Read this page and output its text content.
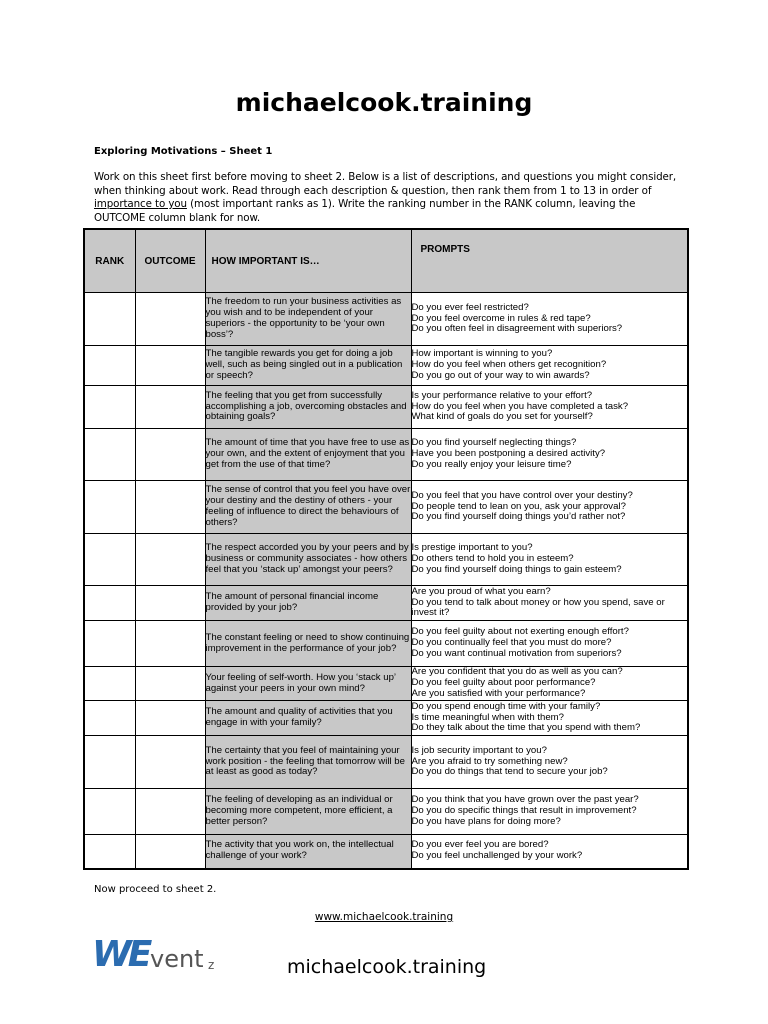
michaelcook.training
Exploring Motivations – Sheet 1
Work on this sheet first before moving to sheet 2. Below is a list of descriptions, and questions you might consider, when thinking about work. Read through each description & question, then rank them from 1 to 13 in order of importance to you (most important ranks as 1). Write the ranking number in the RANK column, leaving the OUTCOME column blank for now.
RANK	OUTCOME	HOW IMPORTANT IS…	PROMPTS
		The freedom to run your business activities as you wish and to be independent of your superiors - the opportunity to be ‘your own boss’?	Do you ever feel restricted?
Do you feel overcome in rules & red tape?
Do you often feel in disagreement with superiors?

		The tangible rewards you get for doing a job well, such as being singled out in a publication or speech?	How important is winning to you?
How do you feel when others get recognition?
Do you go out of your way to win awards?

		The feeling that you get from successfully accomplishing a job, overcoming obstacles and obtaining goals?	Is your performance relative to your effort?
How do you feel when you have completed a task?
What kind of goals do you set for yourself?

		The amount of time that you have free to use as your own, and the extent of enjoyment that you get from the use of that time?	Do you find yourself neglecting things?
Have you been postponing a desired activity?
Do you really enjoy your leisure time?

		The sense of control that you feel you have over your destiny and the destiny of others - your feeling of influence to direct the behaviours of others?	Do you feel that you have control over your destiny?
Do people tend to lean on you, ask your approval?
Do you find yourself doing things you’d rather not?

		The respect accorded you by your peers and by business or community associates - how others feel that you ‘stack up’ amongst your peers?	Is prestige important to you?
Do others tend to hold you in esteem?
Do you find yourself doing things to gain esteem?

		The amount of personal financial income provided by your job?	Are you proud of what you earn?
Do you tend to talk about money or how you spend, save or invest it?

		The constant feeling or need to show continuing improvement in the performance of your job?	Do you feel guilty about not exerting enough effort?
Do you continually feel that you must do more?
Do you want continual motivation from superiors?

		Your feeling of self-worth. How you ‘stack up’ against your peers in your own mind?	Are you confident that you do as well as you can?
Do you feel guilty about poor performance?
Are you satisfied with your performance?

		The amount and quality of activities that you engage in with your family?	Do you spend enough time with your family?
Is time meaningful when with them?
Do they talk about the time that you spend with them?

		The certainty that you feel of maintaining your work position - the feeling that tomorrow will be at least as good as today?	Is job security important to you?
Are you afraid to try something new?
Do you do things that tend to secure your job?

		The feeling of developing as an individual or becoming more competent, more efficient, a better person?	Do you think that you have grown over the past year?
Do you do specific things that result in improvement?
Do you have plans for doing more?

		The activity that you work on, the intellectual challenge of your work?	Do you ever feel you are bored?
Do you feel unchallenged by your work?
Now proceed to sheet 2.
www.michaelcook.training
WE vent z	michaelcook.training
